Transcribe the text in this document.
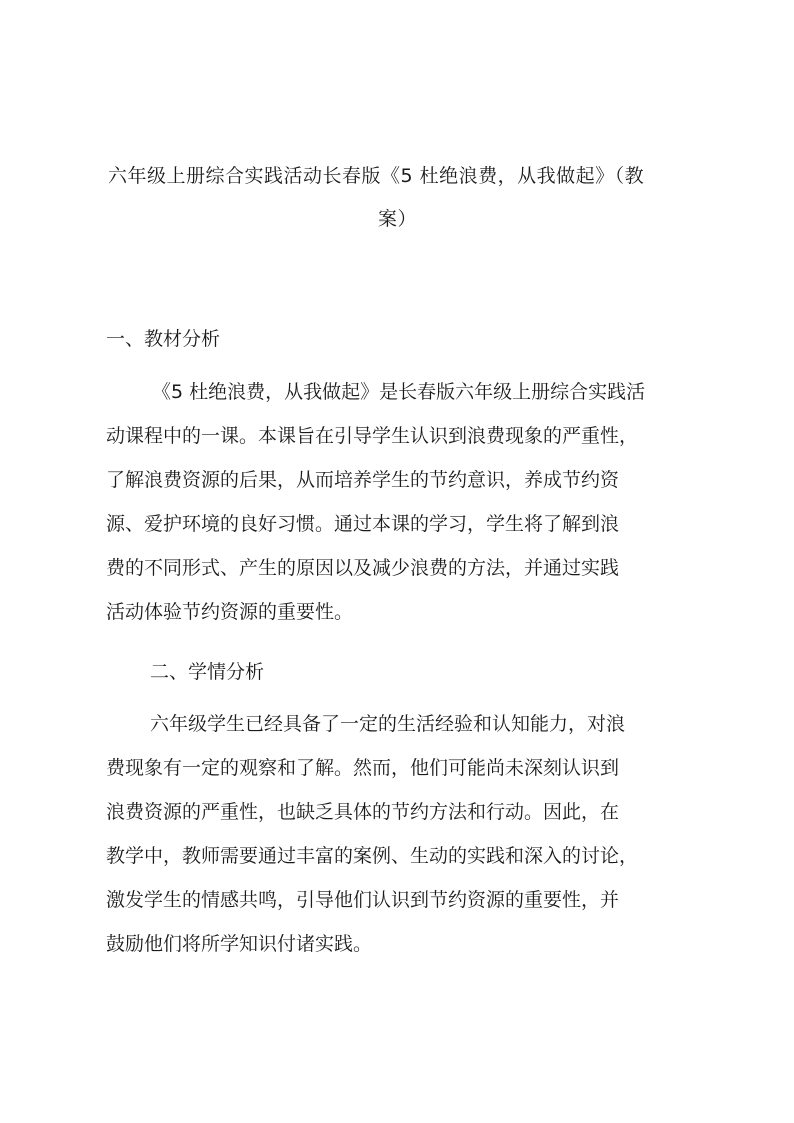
六年级上册综合实践活动长春版《5 杜绝浪费，从我做起》（教
案）
一、教材分析
《5 杜绝浪费，从我做起》是长春版六年级上册综合实践活
动课程中的一课。本课旨在引导学生认识到浪费现象的严重性，
了解浪费资源的后果，从而培养学生的节约意识，养成节约资
源、爱护环境的良好习惯。通过本课的学习，学生将了解到浪
费的不同形式、产生的原因以及减少浪费的方法，并通过实践
活动体验节约资源的重要性。
二、学情分析
六年级学生已经具备了一定的生活经验和认知能力，对浪
费现象有一定的观察和了解。然而，他们可能尚未深刻认识到
浪费资源的严重性，也缺乏具体的节约方法和行动。因此，在
教学中，教师需要通过丰富的案例、生动的实践和深入的讨论，
激发学生的情感共鸣，引导他们认识到节约资源的重要性，并
鼓励他们将所学知识付诸实践。
